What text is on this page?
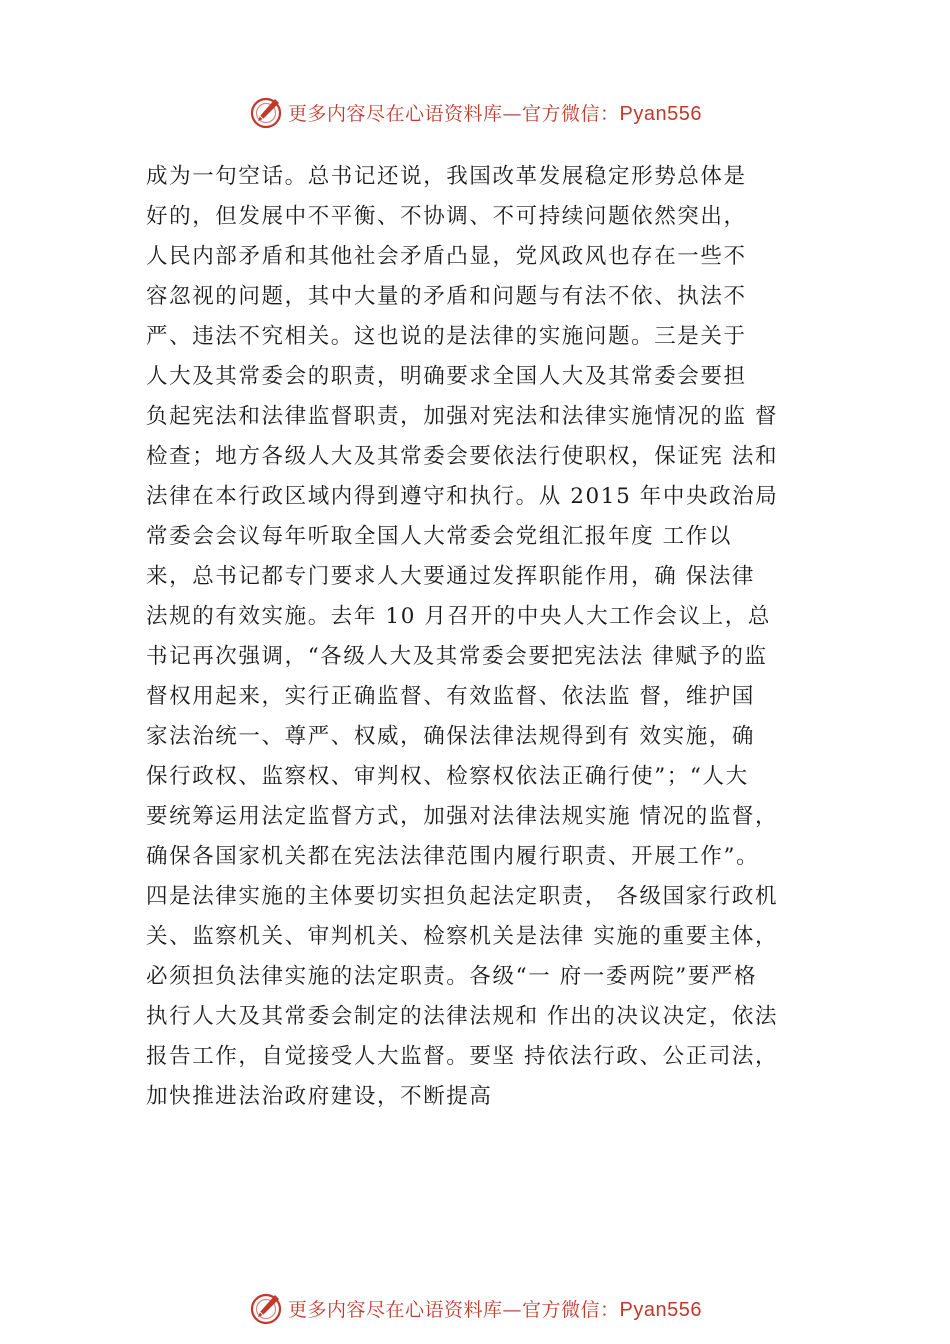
更多内容尽在心语资料库—官方微信：Pyan556
成为一句空话。总书记还说，我国改革发展稳定形势总体是
好的，但发展中不平衡、不协调、不可持续问题依然突出，
人民内部矛盾和其他社会矛盾凸显，党风政风也存在一些不
容忽视的问题，其中大量的矛盾和问题与有法不依、执法不
严、违法不究相关。这也说的是法律的实施问题。三是关于
人大及其常委会的职责，明确要求全国人大及其常委会要担
负起宪法和法律监督职责，加强对宪法和法律实施情况的监 督
检查；地方各级人大及其常委会要依法行使职权，保证宪 法和
法律在本行政区域内得到遵守和执行。从 2015 年中央政治局
常委会会议每年听取全国人大常委会党组汇报年度 工作以
来，总书记都专门要求人大要通过发挥职能作用，确 保法律
法规的有效实施。去年 10 月召开的中央人大工作会议上，总
书记再次强调，“各级人大及其常委会要把宪法法 律赋予的监
督权用起来，实行正确监督、有效监督、依法监 督，维护国
家法治统一、尊严、权威，确保法律法规得到有 效实施，确
保行政权、监察权、审判权、检察权依法正确行使”；“人大
要统筹运用法定监督方式，加强对法律法规实施 情况的监督，
确保各国家机关都在宪法法律范围内履行职责、开展工作”。
四是法律实施的主体要切实担负起法定职责， 各级国家行政机
关、监察机关、审判机关、检察机关是法律 实施的重要主体，
必须担负法律实施的法定职责。各级“一 府一委两院”要严格
执行人大及其常委会制定的法律法规和 作出的决议决定，依法
报告工作，自觉接受人大监督。要坚 持依法行政、公正司法，
加快推进法治政府建设，不断提高
更多内容尽在心语资料库—官方微信：Pyan556
